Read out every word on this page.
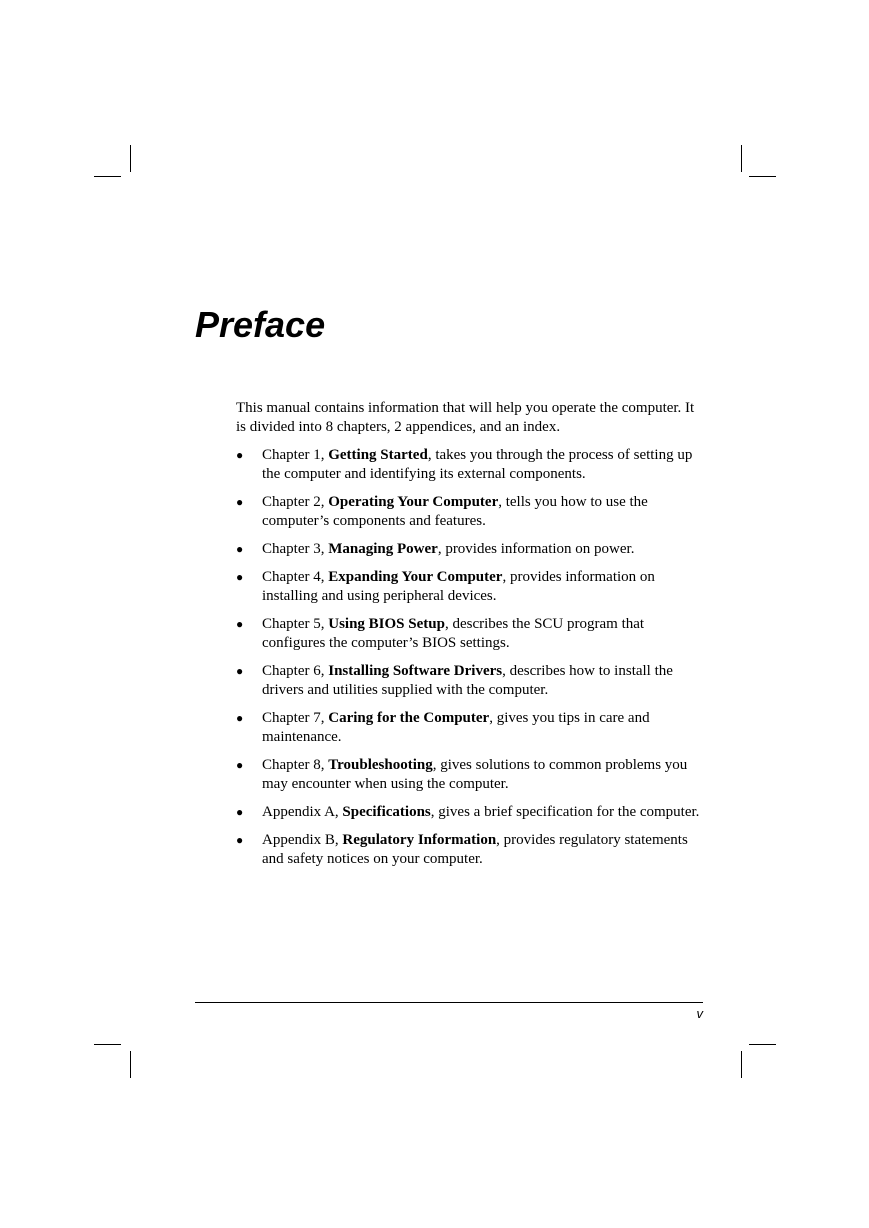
Preface

This manual contains information that will help you operate the computer. It is divided into 8 chapters, 2 appendices, and an index.

● Chapter 1, Getting Started, takes you through the process of setting up the computer and identifying its external components.
● Chapter 2, Operating Your Computer, tells you how to use the computer’s components and features.
● Chapter 3, Managing Power, provides information on power.
● Chapter 4, Expanding Your Computer, provides information on installing and using peripheral devices.
● Chapter 5, Using BIOS Setup, describes the SCU program that configures the computer’s BIOS settings.
● Chapter 6, Installing Software Drivers, describes how to install the drivers and utilities supplied with the computer.
● Chapter 7, Caring for the Computer, gives you tips in care and maintenance.
● Chapter 8, Troubleshooting, gives solutions to common problems you may encounter when using the computer.
● Appendix A, Specifications, gives a brief specification for the computer.
● Appendix B, Regulatory Information, provides regulatory statements and safety notices on your computer.
v
